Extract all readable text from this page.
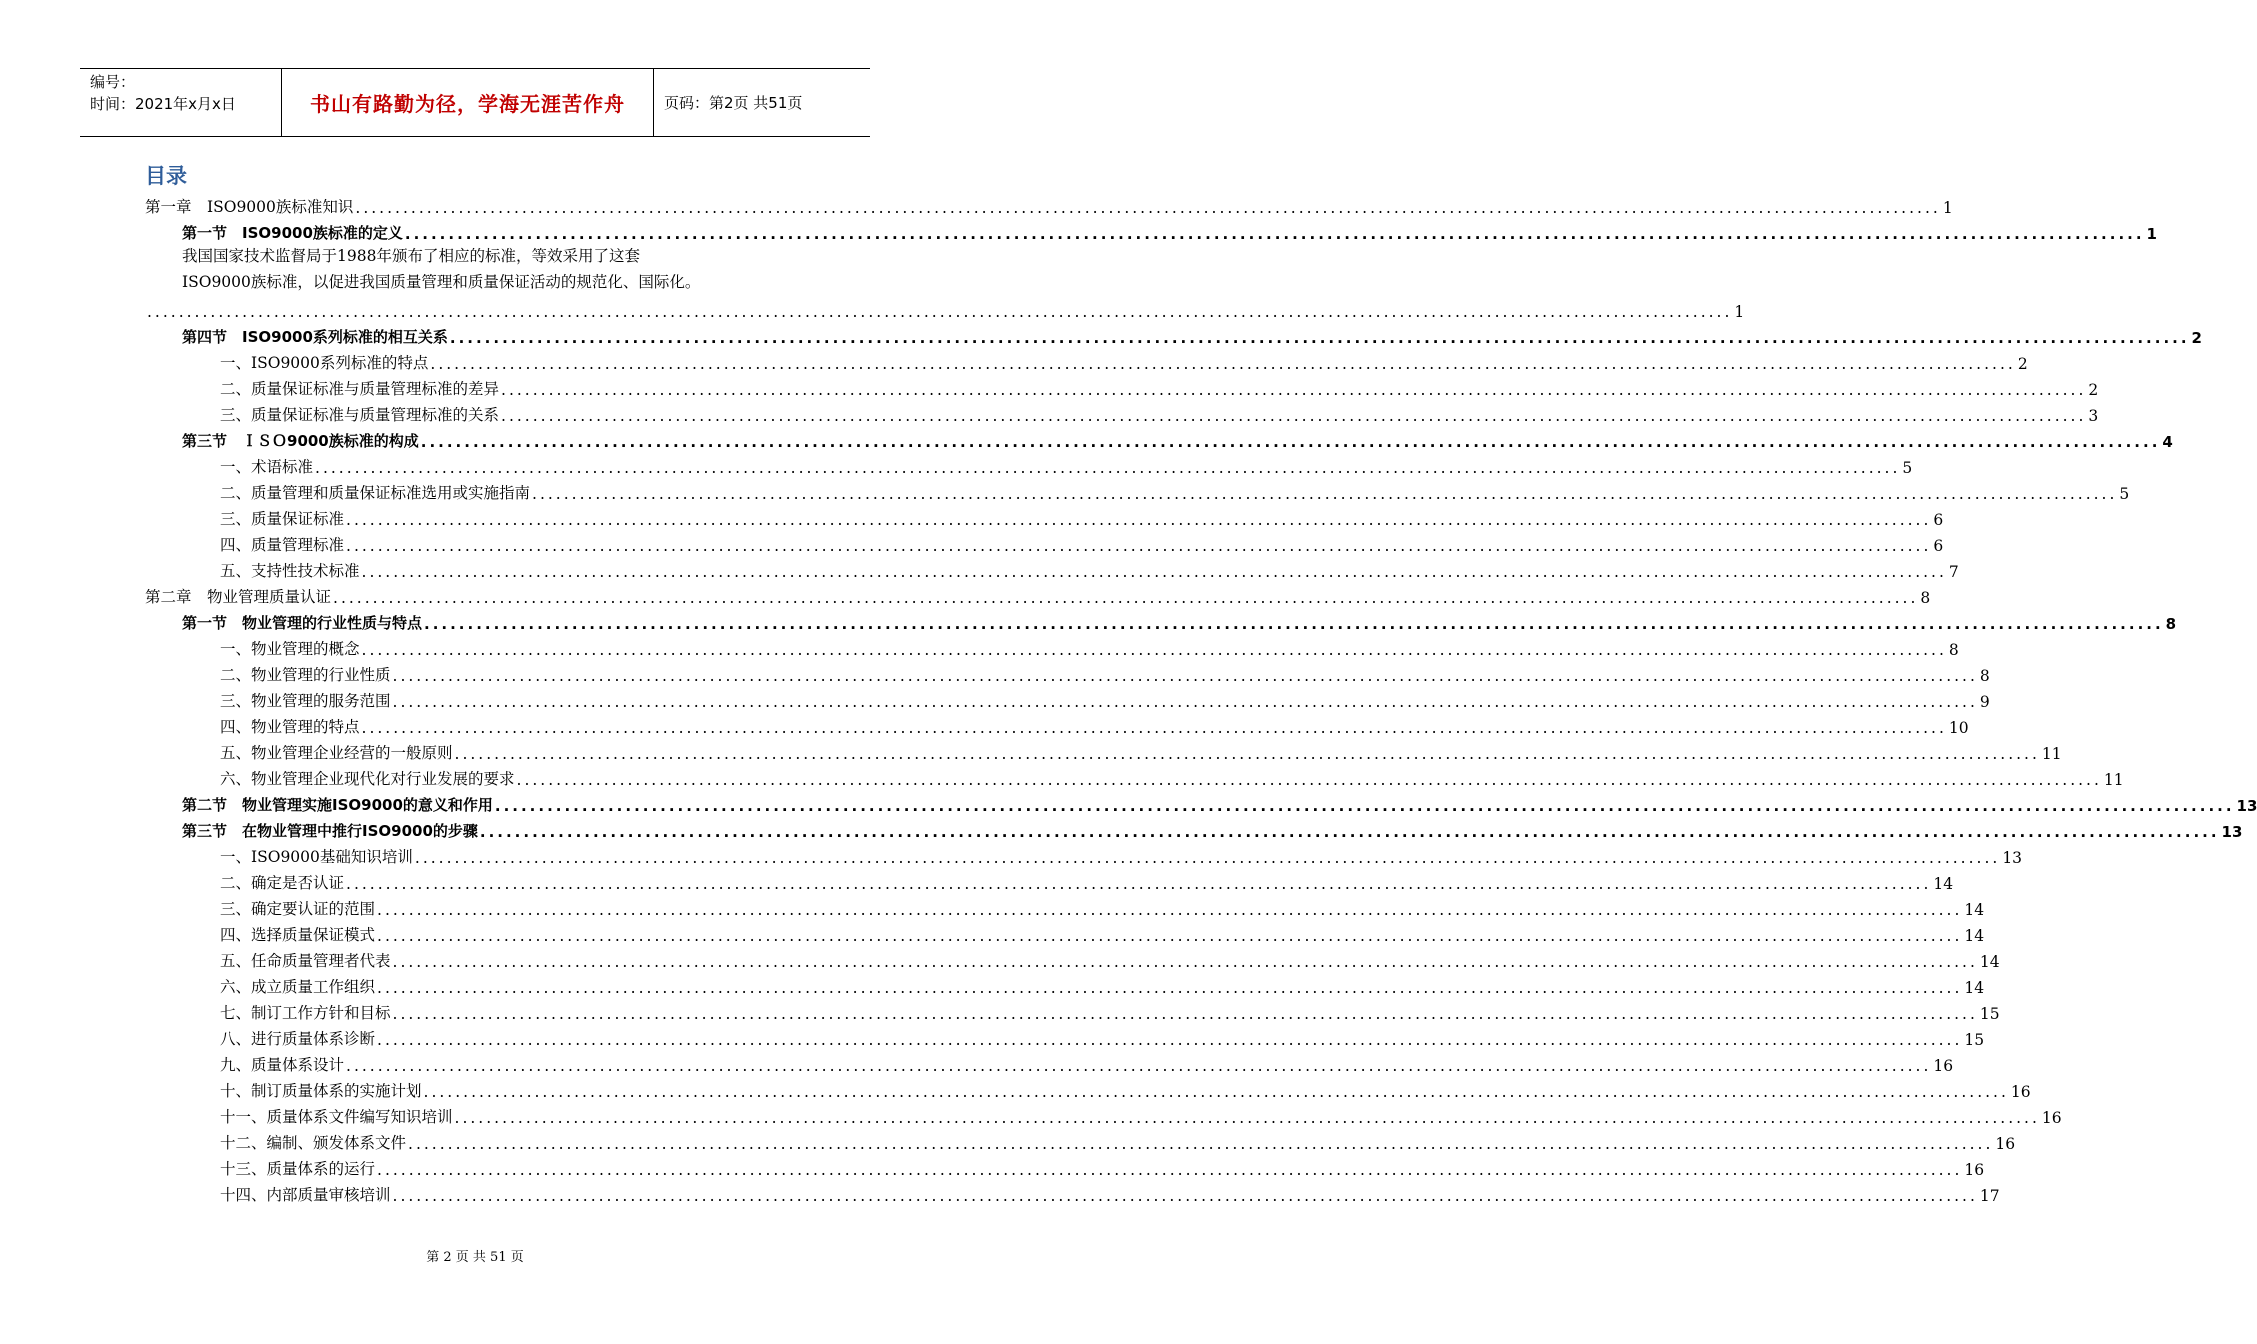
编号：
时间：2021年x月x日	书山有路勤为径，学海无涯苦作舟	页码：第2页 共51页
目录
第一章　ISO9000族标准知识 ........................................................................................................................................................................................................ 1
第一节　ISO9000族标准的定义 ........................................................................................................................................................................................................ 1
我国国家技术监督局于1988年颁布了相应的标准，等效采用了这套
ISO9000族标准，以促进我国质量管理和质量保证活动的规范化、国际化。
........................................................................................................................................................................................................ 1
第四节　ISO9000系列标准的相互关系 ........................................................................................................................................................................................................ 2
一、ISO9000系列标准的特点 ........................................................................................................................................................................................................ 2
二、质量保证标准与质量管理标准的差异 ........................................................................................................................................................................................................ 2
三、质量保证标准与质量管理标准的关系 ........................................................................................................................................................................................................ 3
第三节　ＩＳＯ9000族标准的构成 ........................................................................................................................................................................................................ 4
一、术语标准 ........................................................................................................................................................................................................ 5
二、质量管理和质量保证标准选用或实施指南 ........................................................................................................................................................................................................ 5
三、质量保证标准 ........................................................................................................................................................................................................ 6
四、质量管理标准 ........................................................................................................................................................................................................ 6
五、支持性技术标准 ........................................................................................................................................................................................................ 7
第二章　物业管理质量认证 ........................................................................................................................................................................................................ 8
第一节　物业管理的行业性质与特点 ........................................................................................................................................................................................................ 8
一、物业管理的概念 ........................................................................................................................................................................................................ 8
二、物业管理的行业性质 ........................................................................................................................................................................................................ 8
三、物业管理的服务范围 ........................................................................................................................................................................................................ 9
四、物业管理的特点 ........................................................................................................................................................................................................ 10
五、物业管理企业经营的一般原则 ........................................................................................................................................................................................................ 11
六、物业管理企业现代化对行业发展的要求 ........................................................................................................................................................................................................ 11
第二节　物业管理实施ISO9000的意义和作用 ........................................................................................................................................................................................................ 13
第三节　在物业管理中推行ISO9000的步骤 ........................................................................................................................................................................................................ 13
一、ISO9000基础知识培训 ........................................................................................................................................................................................................ 13
二、确定是否认证 ........................................................................................................................................................................................................ 14
三、确定要认证的范围 ........................................................................................................................................................................................................ 14
四、选择质量保证模式 ........................................................................................................................................................................................................ 14
五、任命质量管理者代表 ........................................................................................................................................................................................................ 14
六、成立质量工作组织 ........................................................................................................................................................................................................ 14
七、制订工作方针和目标 ........................................................................................................................................................................................................ 15
八、进行质量体系诊断 ........................................................................................................................................................................................................ 15
九、质量体系设计 ........................................................................................................................................................................................................ 16
十、制订质量体系的实施计划 ........................................................................................................................................................................................................ 16
十一、质量体系文件编写知识培训 ........................................................................................................................................................................................................ 16
十二、编制、颁发体系文件 ........................................................................................................................................................................................................ 16
十三、质量体系的运行 ........................................................................................................................................................................................................ 16
十四、内部质量审核培训 ........................................................................................................................................................................................................ 17
第 2 页 共 51 页
